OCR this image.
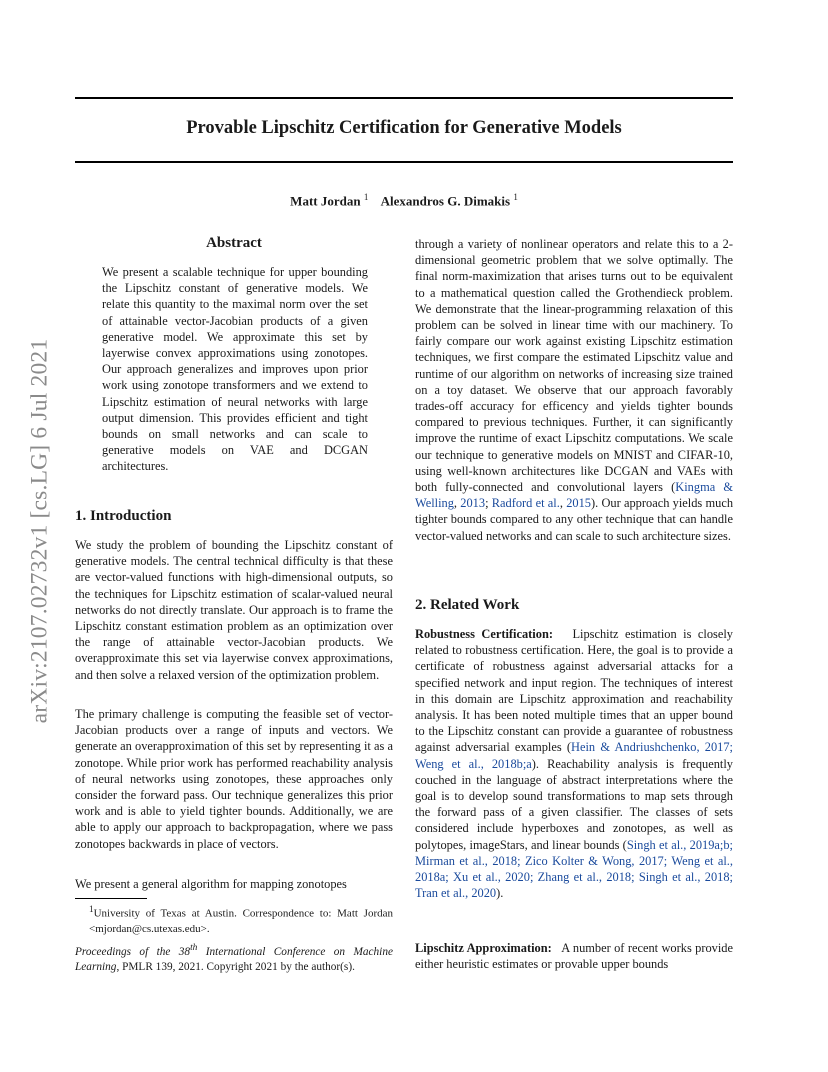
Provable Lipschitz Certification for Generative Models
Matt Jordan $^1$ Alexandros G. Dimakis $^1$
arXiv:2107.02732v1 [cs.LG] 6 Jul 2021
Abstract
We present a scalable technique for upper bounding the Lipschitz constant of generative models. We relate this quantity to the maximal norm over the set of attainable vector-Jacobian products of a given generative model. We approximate this set by layerwise convex approximations using zonotopes. Our approach generalizes and improves upon prior work using zonotope transformers and we extend to Lipschitz estimation of neural networks with large output dimension. This provides efficient and tight bounds on small networks and can scale to generative models on VAE and DCGAN architectures.
1. Introduction

We study the problem of bounding the Lipschitz constant of generative models. The central technical difficulty is that these are vector-valued functions with high-dimensional outputs, so the techniques for Lipschitz estimation of scalar-valued neural networks do not directly translate. Our approach is to frame the Lipschitz constant estimation problem as an optimization over the range of attainable vector-Jacobian products. We overapproximate this set via layerwise convex approximations, and then solve a relaxed version of the optimization problem.

The primary challenge is computing the feasible set of vector-Jacobian products over a range of inputs and vectors. We generate an overapproximation of this set by representing it as a zonotope. While prior work has performed reachability analysis of neural networks using zonotopes, these approaches only consider the forward pass. Our technique generalizes this prior work and is able to yield tighter bounds. Additionally, we are able to apply our approach to backpropagation, where we pass zonotopes backwards in place of vectors.

We present a general algorithm for mapping zonotopes

$^1$University of Texas at Austin. Correspondence to: Matt Jordan <mjordan@cs.utexas.edu>.
Proceedings of the 38th International Conference on Machine Learning, PMLR 139, 2021. Copyright 2021 by the author(s).

through a variety of nonlinear operators and relate this to a 2-dimensional geometric problem that we solve optimally. The final norm-maximization that arises turns out to be equivalent to a mathematical question called the Grothendieck problem. We demonstrate that the linear-programming relaxation of this problem can be solved in linear time with our machinery. To fairly compare our work against existing Lipschitz estimation techniques, we first compare the estimated Lipschitz value and runtime of our algorithm on networks of increasing size trained on a toy dataset. We observe that our approach favorably trades-off accuracy for efficency and yields tighter bounds compared to previous techniques. Further, it can significantly improve the runtime of exact Lipschitz computations. We scale our technique to generative models on MNIST and CIFAR-10, using well-known architectures like DCGAN and VAEs with both fully-connected and convolutional layers (Kingma & Welling, 2013; Radford et al., 2015). Our approach yields much tighter bounds compared to any other technique that can handle vector-valued networks and can scale to such architecture sizes.

2. Related Work

Robustness Certification: Lipschitz estimation is closely related to robustness certification. Here, the goal is to provide a certificate of robustness against adversarial attacks for a specified network and input region. The techniques of interest in this domain are Lipschitz approximation and reachability analysis. It has been noted multiple times that an upper bound to the Lipschitz constant can provide a guarantee of robustness against adversarial examples (Hein & Andriushchenko, 2017; Weng et al., 2018b;a). Reachability analysis is frequently couched in the language of abstract interpretations where the goal is to develop sound transformations to map sets through the forward pass of a given classifier. The classes of sets considered include hyperboxes and zonotopes, as well as polytopes, imageStars, and linear bounds (Singh et al., 2019a;b; Mirman et al., 2018; Zico Kolter & Wong, 2017; Weng et al., 2018a; Xu et al., 2020; Zhang et al., 2018; Singh et al., 2018; Tran et al., 2020).

Lipschitz Approximation: A number of recent works provide either heuristic estimates or provable upper bounds
